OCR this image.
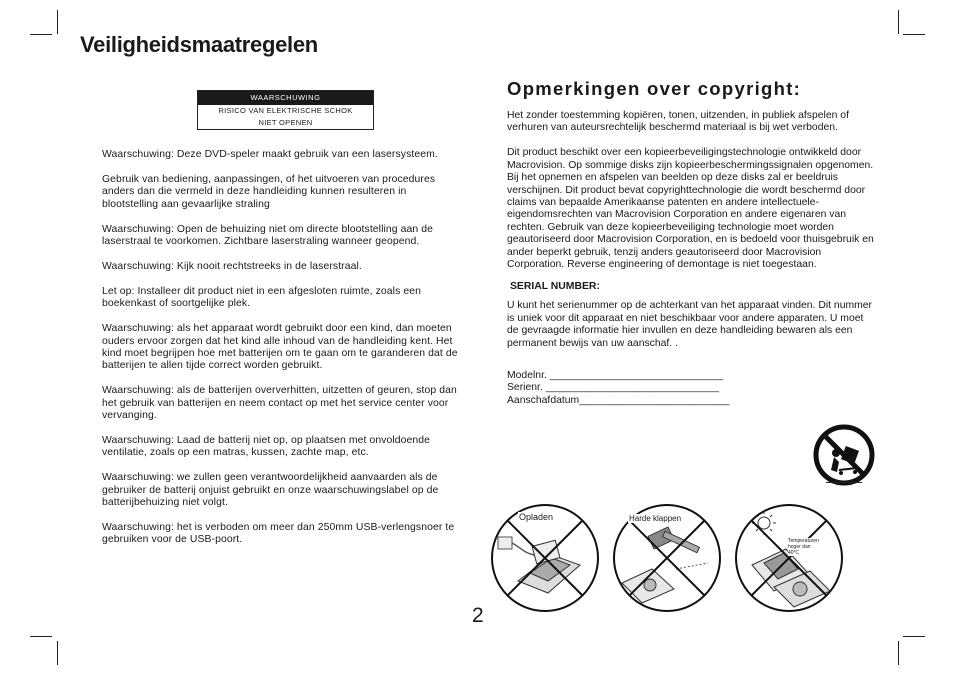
Veiligheidsmaatregelen
WAARSCHUWING
RISICO VAN ELEKTRISCHE SCHOK
NIET OPENEN

Waarschuwing: Deze DVD-speler maakt gebruik van een lasersysteem.

Gebruik van bediening, aanpassingen, of het uitvoeren van procedures anders dan die vermeld in deze handleiding kunnen resulteren in blootstelling aan gevaarlijke straling

Waarschuwing: Open de behuizing niet om directe blootstelling aan de laserstraal te voorkomen. Zichtbare laserstraling wanneer geopend.

Waarschuwing: Kijk nooit rechtstreeks in de laserstraal.

Let op: Installeer dit product niet in een afgesloten ruimte, zoals een boekenkast of soortgelijke plek.

Waarschuwing: als het apparaat wordt gebruikt door een kind, dan moeten ouders ervoor zorgen dat het kind alle inhoud van de handleiding kent. Het kind moet begrijpen hoe met batterijen om te gaan om te garanderen dat de batterijen te allen tijde correct worden gebruikt.

Waarschuwing: als de batterijen oververhitten, uitzetten of geuren, stop dan het gebruik van batterijen en neem contact op met het service center voor vervanging.

Waarschuwing: Laad de batterij niet op, op plaatsen met onvoldoende ventilatie, zoals op een matras, kussen, zachte map, etc.

Waarschuwing: we zullen geen verantwoordelijkheid aanvaarden als de gebruiker de batterij onjuist gebruikt en onze waarschuwingslabel op de batterijbehuizing niet volgt.

Waarschuwing: het is verboden om meer dan 250mm USB-verlengsnoer te gebruiken voor de USB-poort.

Opmerkingen over copyright:

Het zonder toestemming kopiëren, tonen, uitzenden, in publiek afspelen of verhuren van auteursrechtelijk beschermd materiaal is bij wet verboden.

Dit product beschikt over een kopieerbeveiligingstechnologie ontwikkeld door Macrovision. Op sommige disks zijn kopieerbeschermingssignalen opgenomen. Bij het opnemen en afspelen van beelden op deze disks zal er beeldruis verschijnen. Dit product bevat copyrighttechnologie die wordt beschermd door claims van bepaalde Amerikaanse patenten en andere intellectuele-eigendomsrechten van Macrovision Corporation en andere eigenaren van rechten. Gebruik van deze kopieerbeveiliging technologie moet worden geautoriseerd door Macrovision Corporation, en is bedoeld voor thuisgebruik en ander beperkt gebruik, tenzij anders geautoriseerd door Macrovision Corporation. Reverse engineering of demontage is niet toegestaan.

SERIAL NUMBER:

U kunt het serienummer op de achterkant van het apparaat vinden. Dit nummer is uniek voor dit apparaat en niet beschikbaar voor andere apparaten. U moet de gevraagde informatie hier invullen en deze handleiding bewaren als een permanent bewijs van uw aanschaf. .

Modelnr. ______________________________
Serienr. ______________________________
Aanschafdatum__________________________
Opladen	Harde klappen
Temperaturen hoger dan 40°C
2
